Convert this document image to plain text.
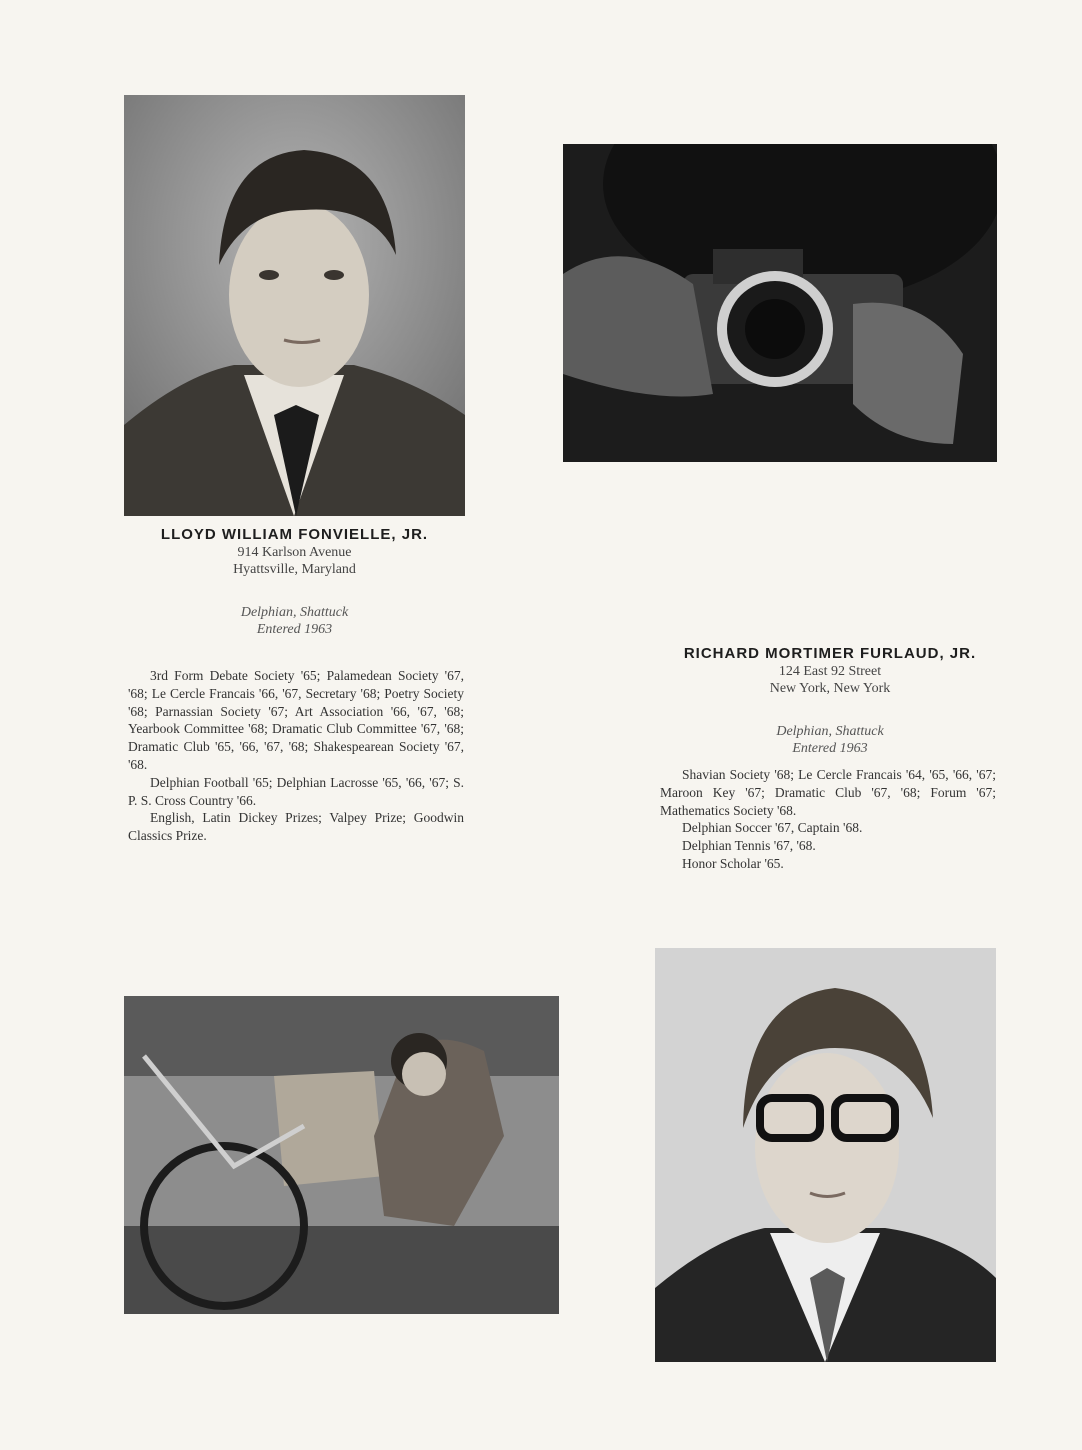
LLOYD WILLIAM FONVIELLE, JR.
914 Karlson Avenue
Hyattsville, Maryland
Delphian, Shattuck
Entered 1963

3rd Form Debate Society '65; Palamedean Society '67, '68; Le Cercle Francais '66, '67, Secretary '68; Poetry Society '68; Parnassian Society '67; Art Association '66, '67, '68; Yearbook Committee '68; Dramatic Club Committee '67, '68; Dramatic Club '65, '66, '67, '68; Shakespearean Society '67, '68.

Delphian Football '65; Delphian Lacrosse '65, '66, '67; S. P. S. Cross Country '66.

English, Latin Dickey Prizes; Valpey Prize; Goodwin Classics Prize.

RICHARD MORTIMER FURLAUD, JR.
124 East 92 Street
New York, New York
Delphian, Shattuck
Entered 1963

Shavian Society '68; Le Cercle Francais '64, '65, '66, '67; Maroon Key '67; Dramatic Club '67, '68; Forum '67; Mathematics Society '68.

Delphian Soccer '67, Captain '68.

Delphian Tennis '67, '68.

Honor Scholar '65.
